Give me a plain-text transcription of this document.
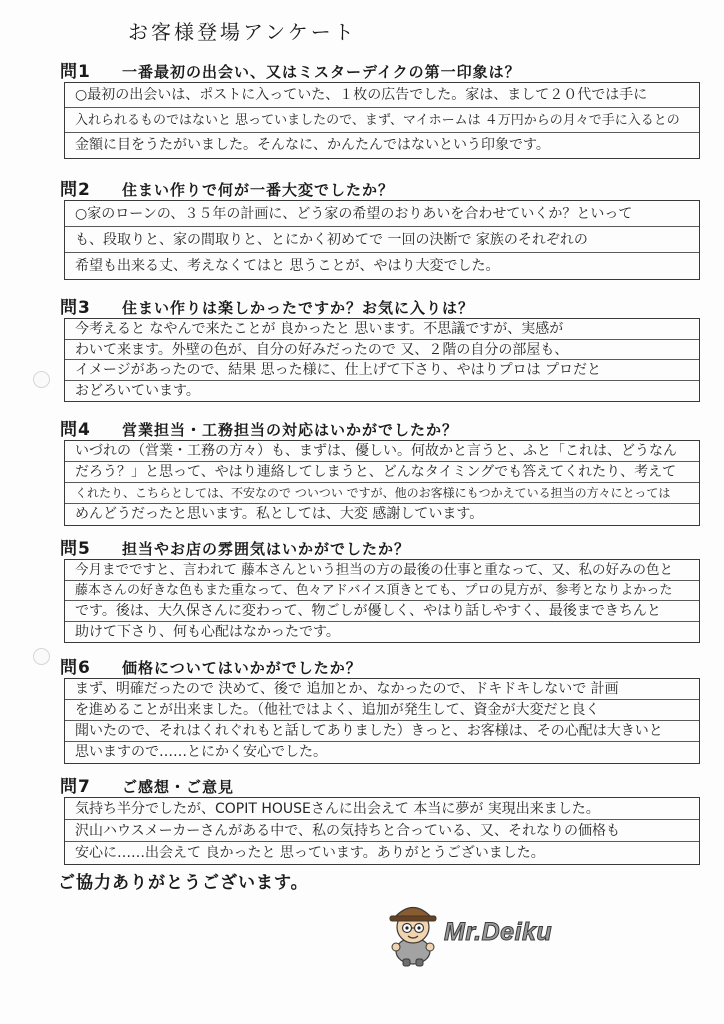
お客様登場アンケート
問1	一番最初の出会い、又はミスターデイクの第一印象は？
○最初の出会いは、ポストに入っていた、１枚の広告でした。家は、まして２０代では手に
入れられるものではないと 思っていましたので、まず、マイホームは ４万円からの月々で手に入るとの
金額に目をうたがいました。そんなに、かんたんではないという印象です。
問2	住まい作りで何が一番大変でしたか？
○家のローンの、３５年の計画に、どう家の希望のおりあいを合わせていくか？といって
も、段取りと、家の間取りと、とにかく初めてで 一回の決断で 家族のそれぞれの
希望も出来る丈、考えなくてはと 思うことが、やはり大変でした。
問3	住まい作りは楽しかったですか？お気に入りは？
今考えると なやんで来たことが 良かったと 思います。不思議ですが、実感が
わいて来ます。外壁の色が、自分の好みだったので 又、２階の自分の部屋も、
イメージがあったので、結果 思った様に、仕上げて下さり、やはりプロは プロだと
おどろいています。
問4	営業担当・工務担当の対応はいかがでしたか？
いづれの（営業・工務の方々）も、まずは、優しい。何故かと言うと、ふと「これは、どうなん
だろう？」と思って、やはり連絡してしまうと、どんなタイミングでも答えてくれたり、考えて
くれたり、こちらとしては、不安なので ついつい ですが、他のお客様にもつかえている担当の方々にとっては
めんどうだったと思います。私としては、大変 感謝しています。
問5	担当やお店の雰囲気はいかがでしたか？
今月までですと、言われて 藤本さんという担当の方の最後の仕事と重なって、又、私の好みの色と
藤本さんの好きな色もまた重なって、色々アドバイス頂きとても、プロの見方が、参考となりよかった
です。後は、大久保さんに変わって、物ごしが優しく、やはり話しやすく、最後まできちんと
助けて下さり、何も心配はなかったです。
問6	価格についてはいかがでしたか？
まず、明確だったので 決めて、後で 追加とか、なかったので、ドキドキしないで 計画
を進めることが出来ました。（他社ではよく、追加が発生して、資金が大変だと良く
聞いたので、それはくれぐれもと話してありました）きっと、お客様は、その心配は大きいと
思いますので……とにかく安心でした。
問7	ご感想・ご意見
気持ち半分でしたが、COPIT HOUSEさんに出会えて 本当に夢が 実現出来ました。
沢山ハウスメーカーさんがある中で、私の気持ちと合っている、又、それなりの価格も
安心に……出会えて 良かったと 思っています。ありがとうございました。
ご協力ありがとうございます。
Mr.Deiku
